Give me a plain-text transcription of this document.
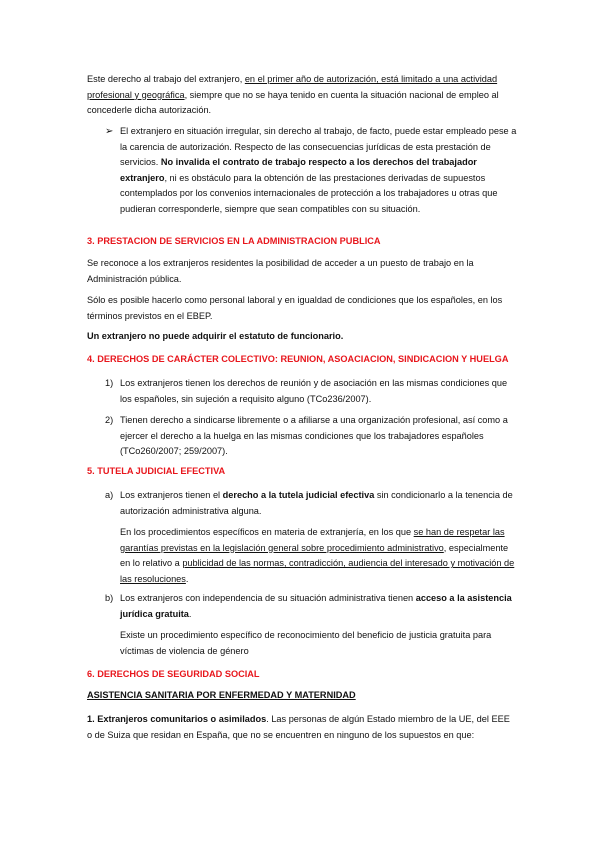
Este derecho al trabajo del extranjero, en el primer año de autorización, está limitado a una actividad profesional y geográfica, siempre que no se haya tenido en cuenta la situación nacional de empleo al concederle dicha autorización.

➢ El extranjero en situación irregular, sin derecho al trabajo, de facto, puede estar empleado pese a la carencia de autorización. Respecto de las consecuencias jurídicas de esta prestación de servicios. No invalida el contrato de trabajo respecto a los derechos del trabajador extranjero, ni es obstáculo para la obtención de las prestaciones derivadas de supuestos contemplados por los convenios internacionales de protección a los trabajadores u otras que pudieran corresponderle, siempre que sean compatibles con su situación.

3. PRESTACION DE SERVICIOS EN LA ADMINISTRACION PUBLICA

Se reconoce a los extranjeros residentes la posibilidad de acceder a un puesto de trabajo en la Administración pública.

Sólo es posible hacerlo como personal laboral y en igualdad de condiciones que los españoles, en los términos previstos en el EBEP.

Un extranjero no puede adquirir el estatuto de funcionario.

4. DERECHOS DE CARÁCTER COLECTIVO: REUNION, ASOACIACION, SINDICACION Y HUELGA

1) Los extranjeros tienen los derechos de reunión y de asociación en las mismas condiciones que los españoles, sin sujeción a requisito alguno (TCo236/2007).

2) Tienen derecho a sindicarse libremente o a afiliarse a una organización profesional, así como a ejercer el derecho a la huelga en las mismas condiciones que los trabajadores españoles (TCo260/2007; 259/2007).

5. TUTELA JUDICIAL EFECTIVA

a) Los extranjeros tienen el derecho a la tutela judicial efectiva sin condicionarlo a la tenencia de autorización administrativa alguna.

En los procedimientos específicos en materia de extranjería, en los que se han de respetar las garantías previstas en la legislación general sobre procedimiento administrativo, especialmente en lo relativo a publicidad de las normas, contradicción, audiencia del interesado y motivación de las resoluciones.

b) Los extranjeros con independencia de su situación administrativa tienen acceso a la asistencia jurídica gratuita.

Existe un procedimiento específico de reconocimiento del beneficio de justicia gratuita para víctimas de violencia de género

6. DERECHOS DE SEGURIDAD SOCIAL

ASISTENCIA SANITARIA POR ENFERMEDAD Y MATERNIDAD

1. Extranjeros comunitarios o asimilados. Las personas de algún Estado miembro de la UE, del EEE o de Suiza que residan en España, que no se encuentren en ninguno de los supuestos en que:
